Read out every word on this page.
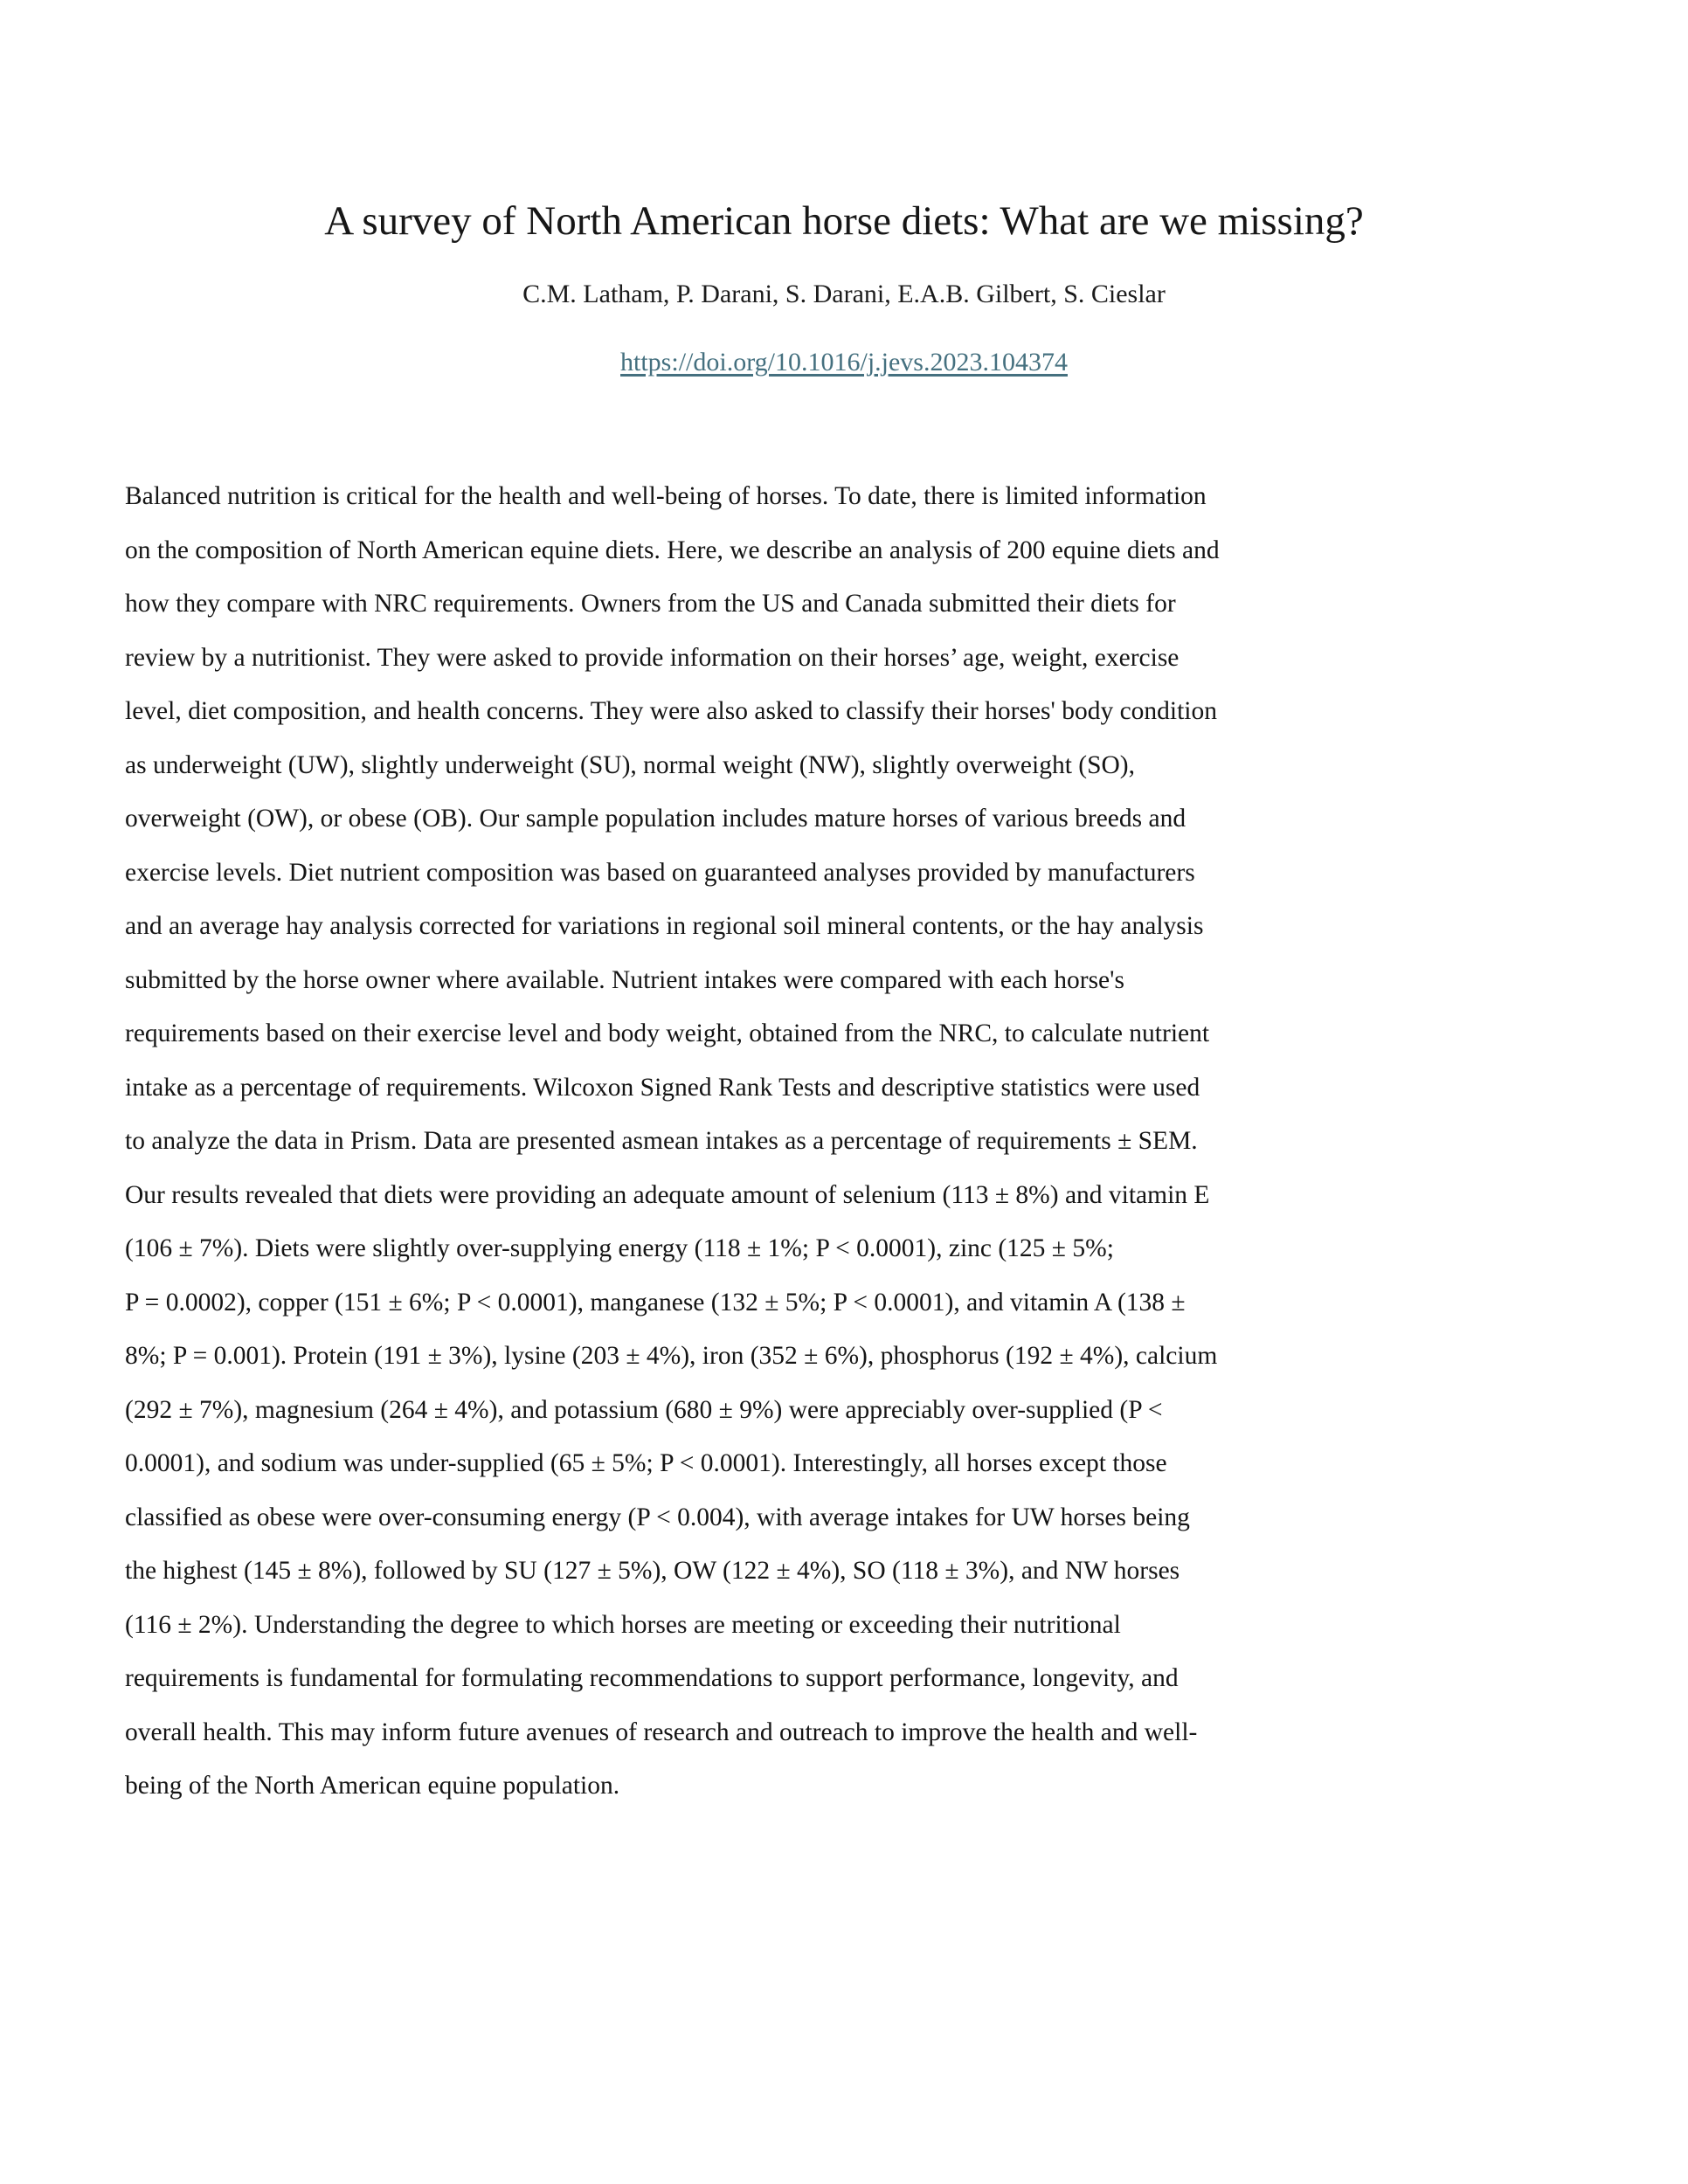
A survey of North American horse diets: What are we missing?
C.M. Latham, P. Darani, S. Darani, E.A.B. Gilbert, S. Cieslar
https://doi.org/10.1016/j.jevs.2023.104374
Balanced nutrition is critical for the health and well-being of horses. To date, there is limited information
on the composition of North American equine diets. Here, we describe an analysis of 200 equine diets and
how they compare with NRC requirements. Owners from the US and Canada submitted their diets for
review by a nutritionist. They were asked to provide information on their horses’ age, weight, exercise
level, diet composition, and health concerns. They were also asked to classify their horses' body condition
as underweight (UW), slightly underweight (SU), normal weight (NW), slightly overweight (SO),
overweight (OW), or obese (OB). Our sample population includes mature horses of various breeds and
exercise levels. Diet nutrient composition was based on guaranteed analyses provided by manufacturers
and an average hay analysis corrected for variations in regional soil mineral contents, or the hay analysis
submitted by the horse owner where available. Nutrient intakes were compared with each horse's
requirements based on their exercise level and body weight, obtained from the NRC, to calculate nutrient
intake as a percentage of requirements. Wilcoxon Signed Rank Tests and descriptive statistics were used
to analyze the data in Prism. Data are presented asmean intakes as a percentage of requirements ± SEM.
Our results revealed that diets were providing an adequate amount of selenium (113 ± 8%) and vitamin E
(106 ± 7%). Diets were slightly over-supplying energy (118 ± 1%; P < 0.0001), zinc (125 ± 5%;
P = 0.0002), copper (151 ± 6%; P < 0.0001), manganese (132 ± 5%; P < 0.0001), and vitamin A (138 ±
8%; P = 0.001). Protein (191 ± 3%), lysine (203 ± 4%), iron (352 ± 6%), phosphorus (192 ± 4%), calcium
(292 ± 7%), magnesium (264 ± 4%), and potassium (680 ± 9%) were appreciably over-supplied (P <
0.0001), and sodium was under-supplied (65 ± 5%; P < 0.0001). Interestingly, all horses except those
classified as obese were over-consuming energy (P < 0.004), with average intakes for UW horses being
the highest (145 ± 8%), followed by SU (127 ± 5%), OW (122 ± 4%), SO (118 ± 3%), and NW horses
(116 ± 2%). Understanding the degree to which horses are meeting or exceeding their nutritional
requirements is fundamental for formulating recommendations to support performance, longevity, and
overall health. This may inform future avenues of research and outreach to improve the health and well-
being of the North American equine population.
